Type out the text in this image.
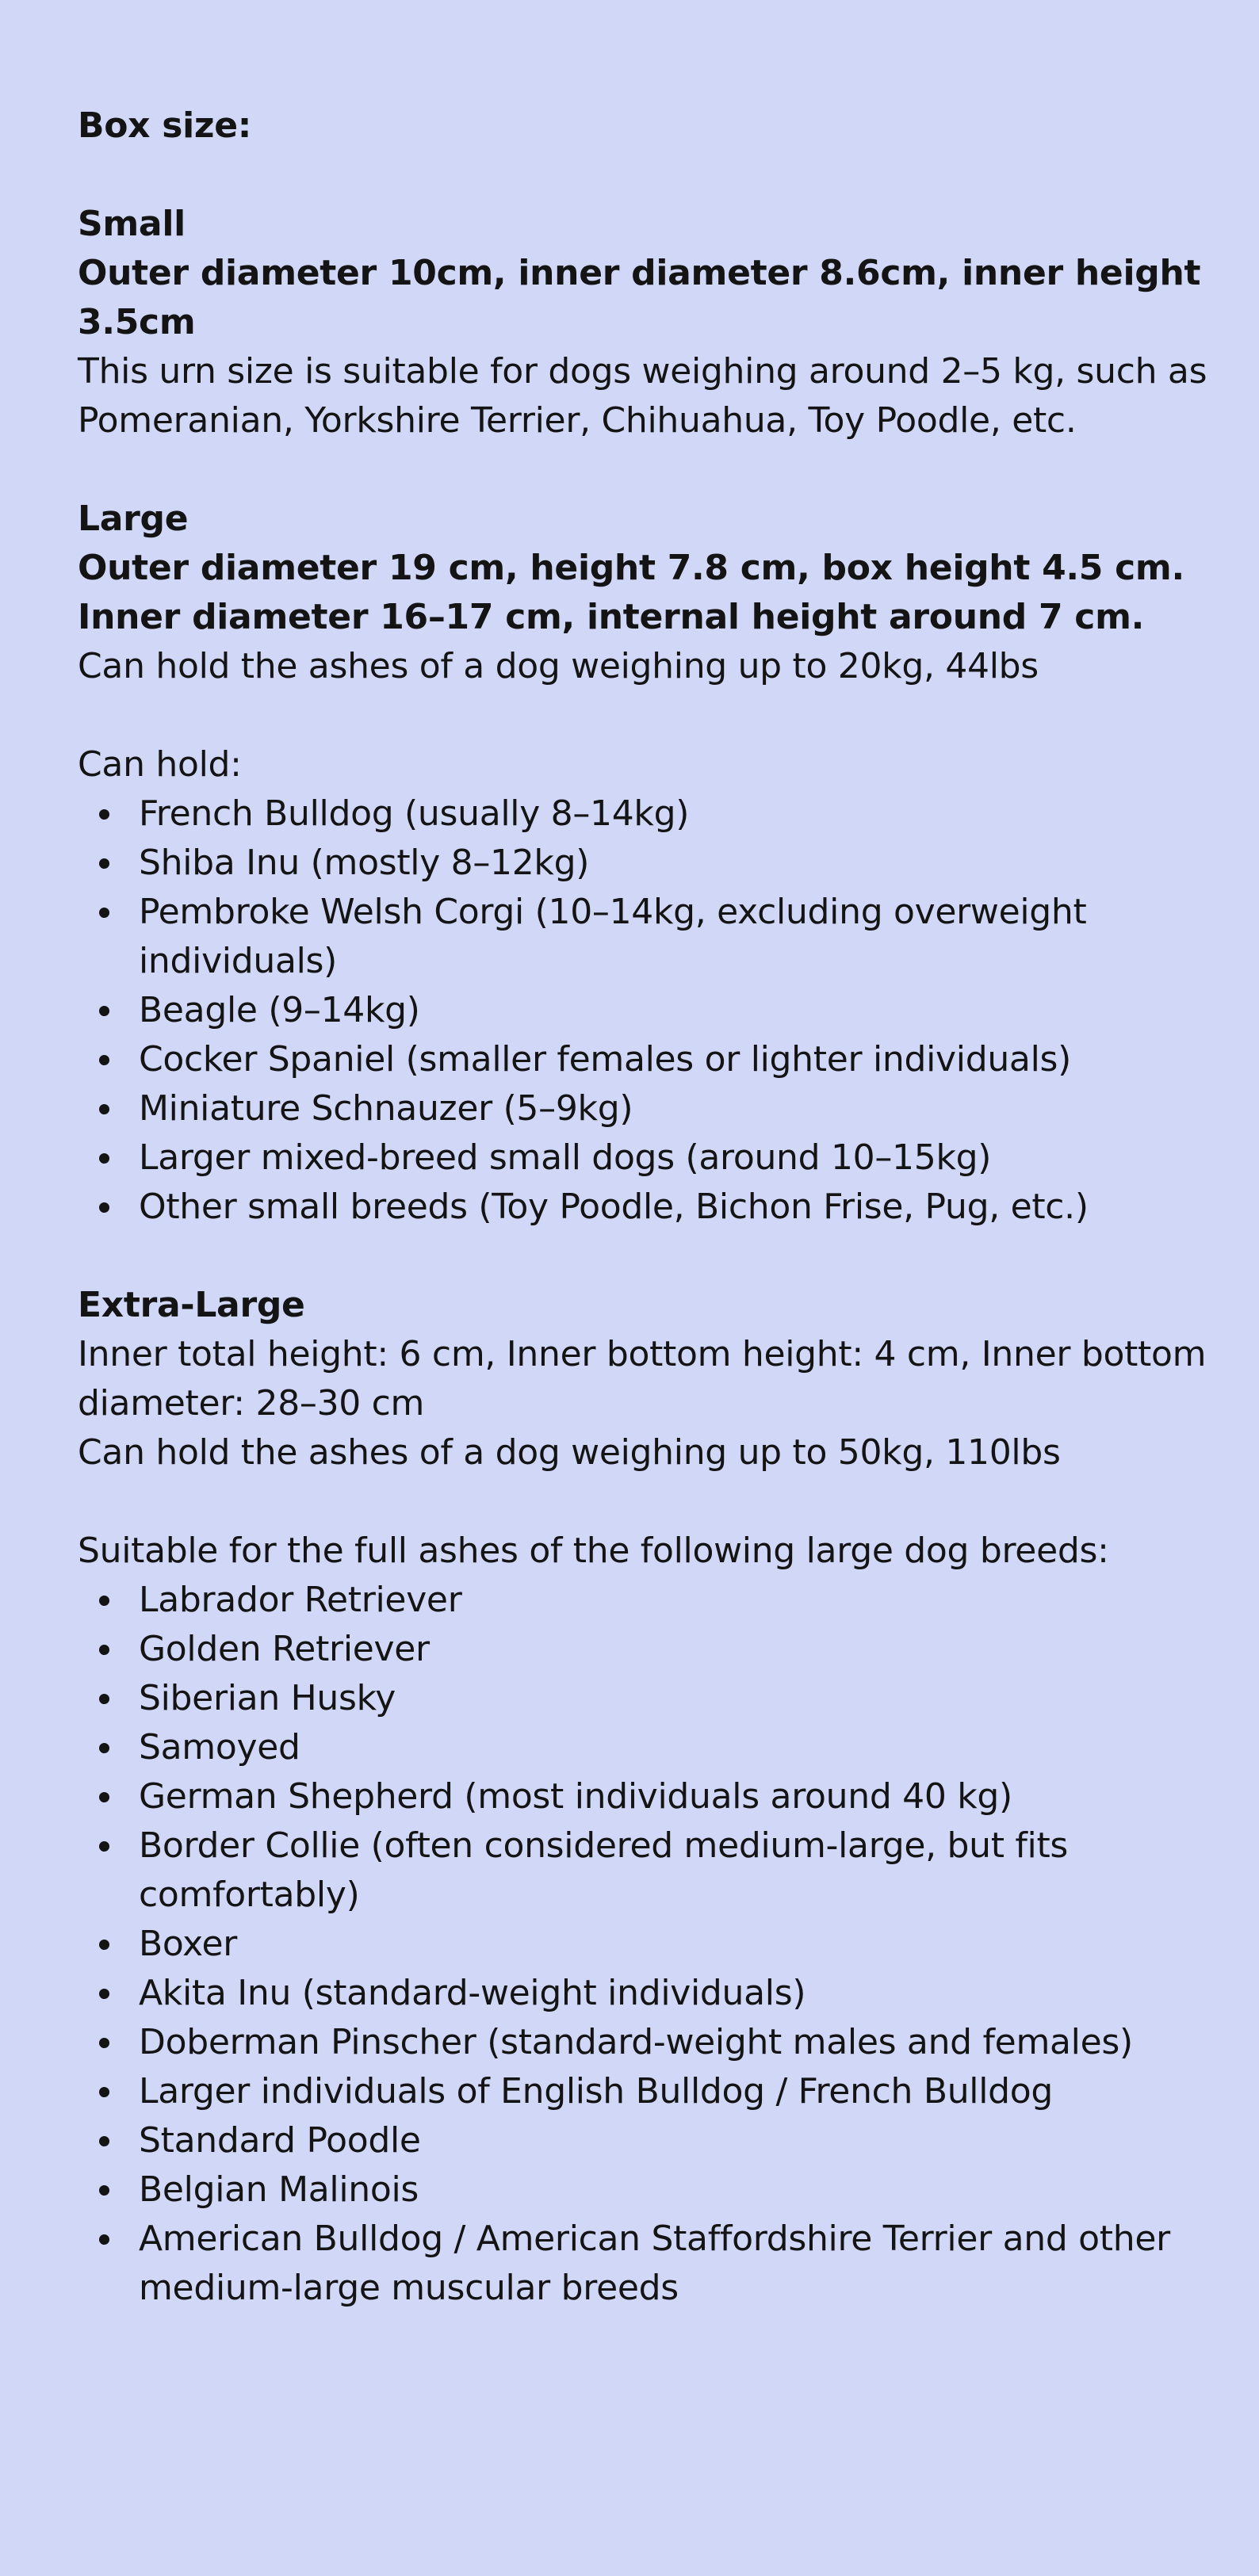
Box size:

Small

Outer diameter 10cm, inner diameter 8.6cm, inner height 3.5cm

This urn size is suitable for dogs weighing around 2–5 kg, such as Pomeranian, Yorkshire Terrier, Chihuahua, Toy Poodle, etc.

Large

Outer diameter 19 cm, height 7.8 cm, box height 4.5 cm.

Inner diameter 16–17 cm, internal height around 7 cm.

Can hold the ashes of a dog weighing up to 20kg, 44lbs

Can hold:

French Bulldog (usually 8–14kg)
Shiba Inu (mostly 8–12kg)
Pembroke Welsh Corgi (10–14kg, excluding overweight individuals)
Beagle (9–14kg)
Cocker Spaniel (smaller females or lighter individuals)
Miniature Schnauzer (5–9kg)
Larger mixed-breed small dogs (around 10–15kg)
Other small breeds (Toy Poodle, Bichon Frise, Pug, etc.)

Extra-Large

Inner total height: 6 cm, Inner bottom height: 4 cm, Inner bottom diameter: 28–30 cm

Can hold the ashes of a dog weighing up to 50kg, 110lbs

Suitable for the full ashes of the following large dog breeds:

Labrador Retriever
Golden Retriever
Siberian Husky
Samoyed
German Shepherd (most individuals around 40 kg)
Border Collie (often considered medium-large, but fits comfortably)
Boxer
Akita Inu (standard-weight individuals)
Doberman Pinscher (standard-weight males and females)
Larger individuals of English Bulldog / French Bulldog
Standard Poodle
Belgian Malinois
American Bulldog / American Staffordshire Terrier and other medium-large muscular breeds
